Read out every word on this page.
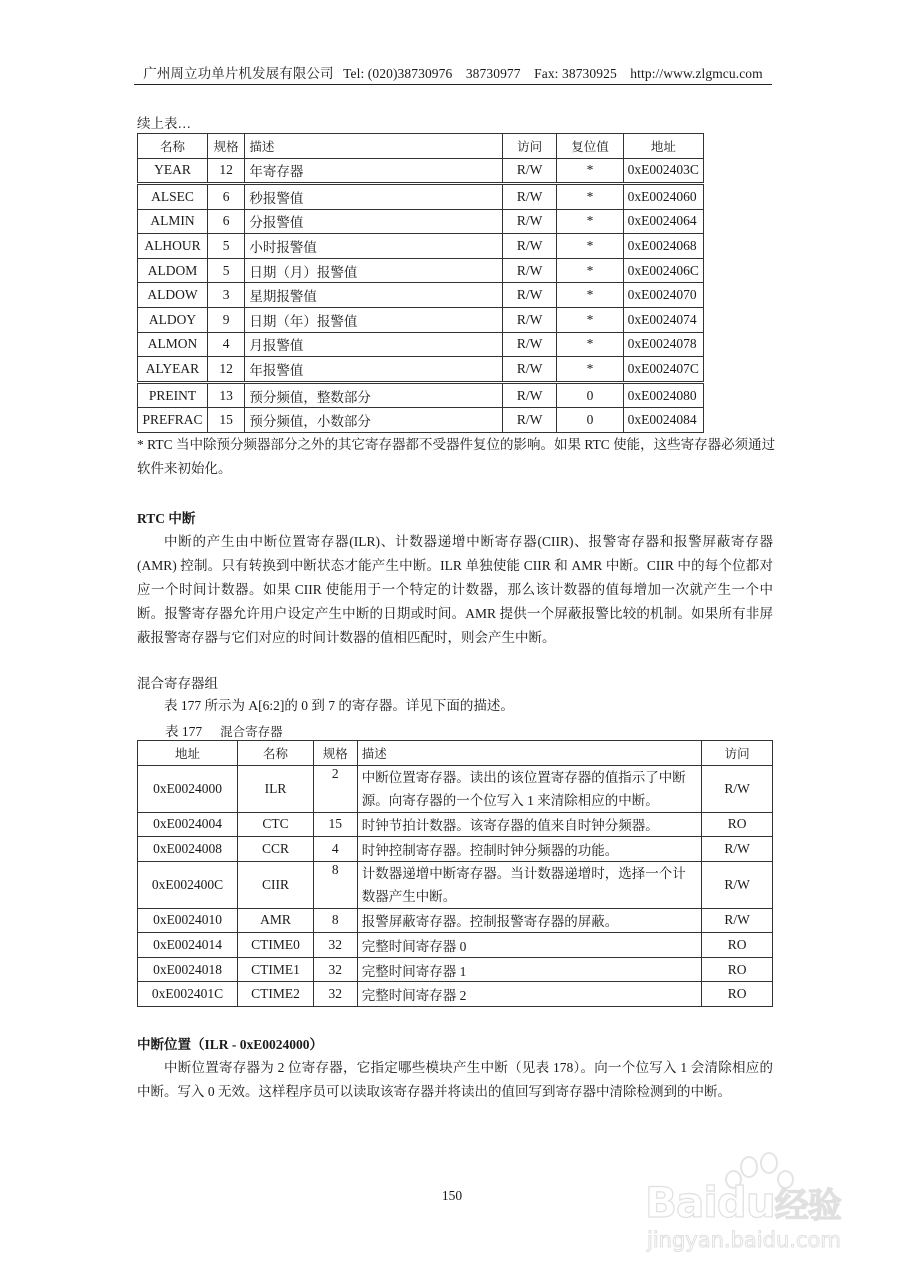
广州周立功单片机发展有限公司 Tel: (020)38730976 38730977 Fax: 38730925 http://www.zlgmcu.com
续上表…
名称	规格	描述	访问	复位值	地址
YEAR	12	年寄存器	R/W	*	0xE002403C
ALSEC	6	秒报警值	R/W	*	0xE0024060
ALMIN	6	分报警值	R/W	*	0xE0024064
ALHOUR	5	小时报警值	R/W	*	0xE0024068
ALDOM	5	日期（月）报警值	R/W	*	0xE002406C
ALDOW	3	星期报警值	R/W	*	0xE0024070
ALDOY	9	日期（年）报警值	R/W	*	0xE0024074
ALMON	4	月报警值	R/W	*	0xE0024078
ALYEAR	12	年报警值	R/W	*	0xE002407C
PREINT	13	预分频值，整数部分	R/W	0	0xE0024080
PREFRAC	15	预分频值，小数部分	R/W	0	0xE0024084
* RTC 当中除预分频器部分之外的其它寄存器都不受器件复位的影响。如果 RTC 使能，这些寄存器必须通过软件来初始化。
RTC 中断
中断的产生由中断位置寄存器(ILR)、计数器递增中断寄存器(CIIR)、报警寄存器和报警屏蔽寄存器(AMR) 控制。只有转换到中断状态才能产生中断。ILR 单独使能 CIIR 和 AMR 中断。CIIR 中的每个位都对应一个时间计数器。如果 CIIR 使能用于一个特定的计数器，那么该计数器的值每增加一次就产生一个中断。报警寄存器允许用户设定产生中断的日期或时间。AMR 提供一个屏蔽报警比较的机制。如果所有非屏蔽报警寄存器与它们对应的时间计数器的值相匹配时，则会产生中断。
混合寄存器组
表 177 所示为 A[6:2]的 0 到 7 的寄存器。详见下面的描述。
表 177 混合寄存器
地址	名称	规格	描述	访问
0xE0024000	ILR	2	中断位置寄存器。读出的该位置寄存器的值指示了中断源。向寄存器的一个位写入 1 来清除相应的中断。	R/W
0xE0024004	CTC	15	时钟节拍计数器。该寄存器的值来自时钟分频器。	RO
0xE0024008	CCR	4	时钟控制寄存器。控制时钟分频器的功能。	R/W
0xE002400C	CIIR	8	计数器递增中断寄存器。当计数器递增时，选择一个计数器产生中断。	R/W
0xE0024010	AMR	8	报警屏蔽寄存器。控制报警寄存器的屏蔽。	R/W
0xE0024014	CTIME0	32	完整时间寄存器 0	RO
0xE0024018	CTIME1	32	完整时间寄存器 1	RO
0xE002401C	CTIME2	32	完整时间寄存器 2	RO
中断位置（ILR - 0xE0024000）
中断位置寄存器为 2 位寄存器，它指定哪些模块产生中断（见表 178）。向一个位写入 1 会清除相应的中断。写入 0 无效。这样程序员可以读取该寄存器并将读出的值回写到寄存器中清除检测到的中断。
150	Baidu经验
jingyan.baidu.com
